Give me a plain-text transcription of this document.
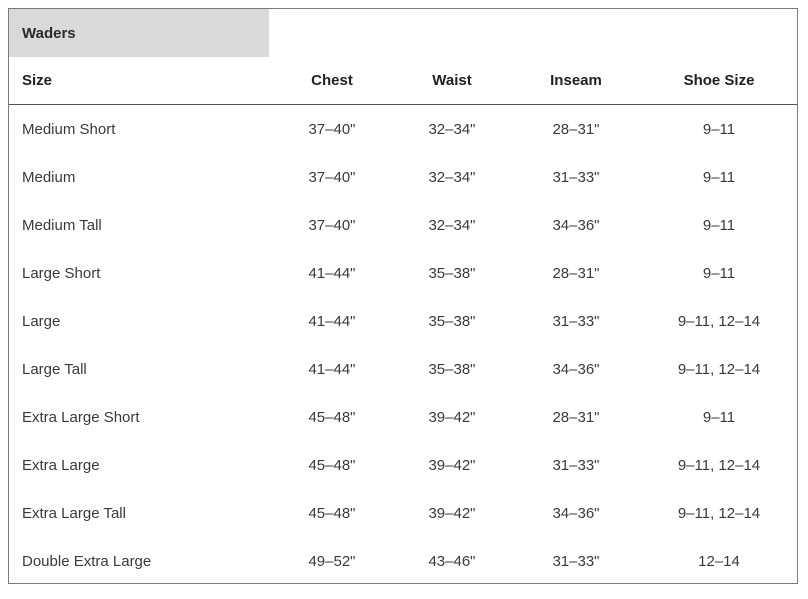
Waders
Size	Chest	Waist	Inseam	Shoe Size
Medium Short	37–40"	32–34"	28–31"	9–11
Medium	37–40"	32–34"	31–33"	9–11
Medium Tall	37–40"	32–34"	34–36"	9–11
Large Short	41–44"	35–38"	28–31"	9–11
Large	41–44"	35–38"	31–33"	9–11, 12–14
Large Tall	41–44"	35–38"	34–36"	9–11, 12–14
Extra Large Short	45–48"	39–42"	28–31"	9–11
Extra Large	45–48"	39–42"	31–33"	9–11, 12–14
Extra Large Tall	45–48"	39–42"	34–36"	9–11, 12–14
Double Extra Large	49–52"	43–46"	31–33"	12–14
